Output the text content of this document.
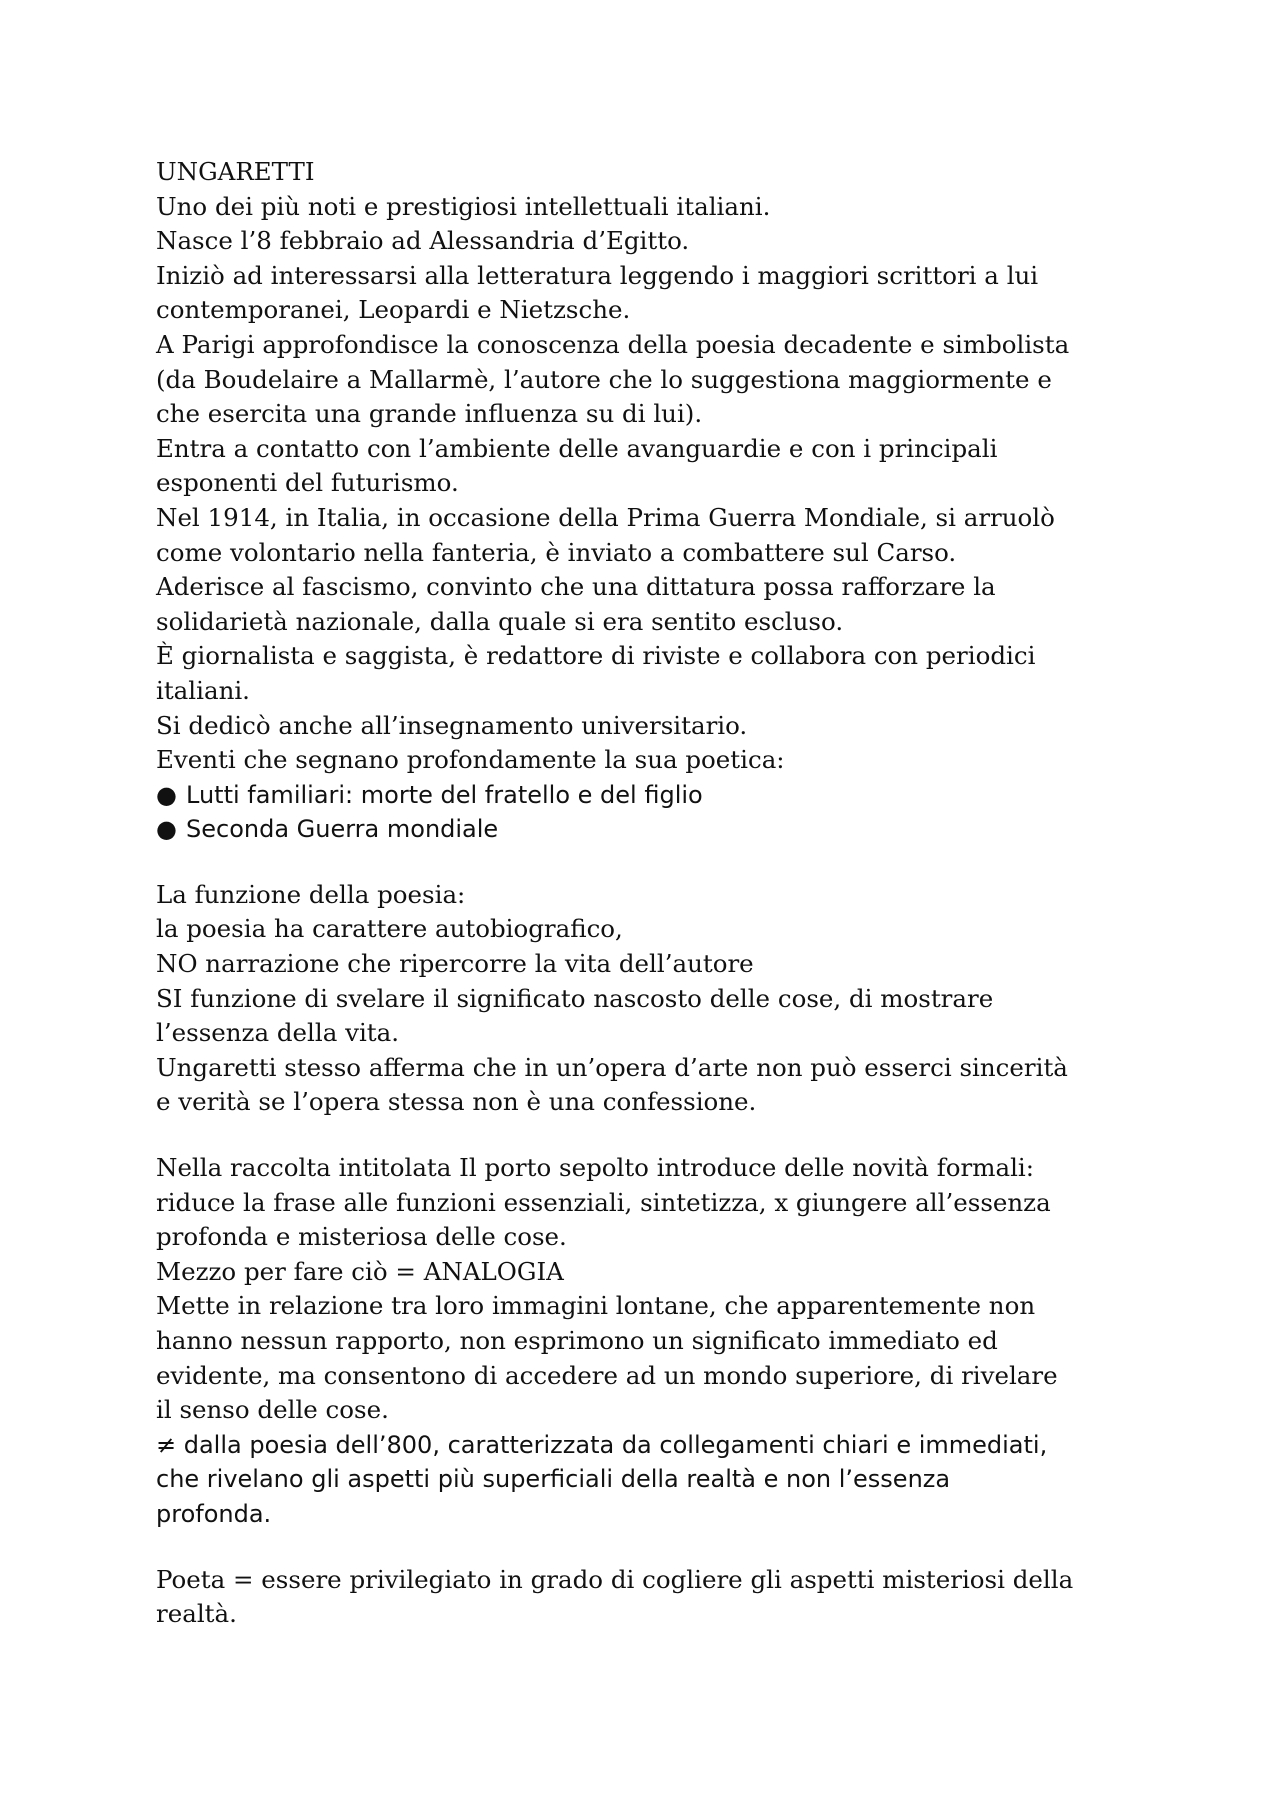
UNGARETTI

Uno dei più noti e prestigiosi intellettuali italiani.

Nasce l’8 febbraio ad Alessandria d’Egitto.

Iniziò ad interessarsi alla letteratura leggendo i maggiori scrittori a lui

contemporanei, Leopardi e Nietzsche.

A Parigi approfondisce la conoscenza della poesia decadente e simbolista

(da Boudelaire a Mallarmè, l’autore che lo suggestiona maggiormente e

che esercita una grande influenza su di lui).

Entra a contatto con l’ambiente delle avanguardie e con i principali

esponenti del futurismo.

Nel 1914, in Italia, in occasione della Prima Guerra Mondiale, si arruolò

come volontario nella fanteria, è inviato a combattere sul Carso.

Aderisce al fascismo, convinto che una dittatura possa rafforzare la

solidarietà nazionale, dalla quale si era sentito escluso.

È giornalista e saggista, è redattore di riviste e collabora con periodici

italiani.

Si dedicò anche all’insegnamento universitario.

Eventi che segnano profondamente la sua poetica:

● Lutti familiari: morte del fratello e del figlio
● Seconda Guerra mondiale

La funzione della poesia:

la poesia ha carattere autobiografico,

NO narrazione che ripercorre la vita dell’autore

SI funzione di svelare il significato nascosto delle cose, di mostrare

l’essenza della vita.

Ungaretti stesso afferma che in un’opera d’arte non può esserci sincerità

e verità se l’opera stessa non è una confessione.

Nella raccolta intitolata Il porto sepolto introduce delle novità formali:

riduce la frase alle funzioni essenziali, sintetizza, x giungere all’essenza

profonda e misteriosa delle cose.

Mezzo per fare ciò = ANALOGIA

Mette in relazione tra loro immagini lontane, che apparentemente non

hanno nessun rapporto, non esprimono un significato immediato ed

evidente, ma consentono di accedere ad un mondo superiore, di rivelare

il senso delle cose.

≠ dalla poesia dell’800, caratterizzata da collegamenti chiari e immediati,

che rivelano gli aspetti più superficiali della realtà e non l’essenza

profonda.

Poeta = essere privilegiato in grado di cogliere gli aspetti misteriosi della

realtà.
